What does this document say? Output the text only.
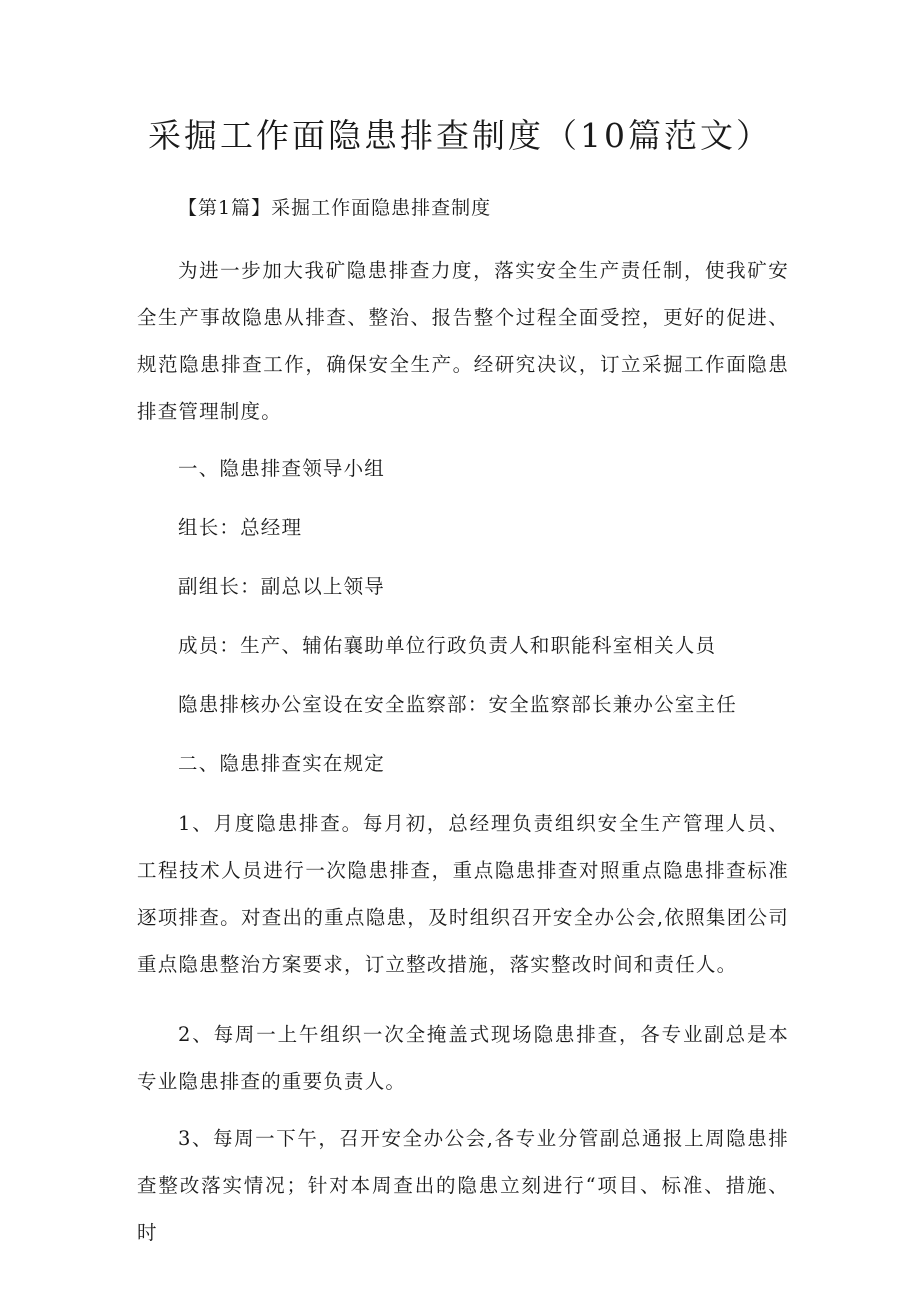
采掘工作面隐患排查制度（10篇范文）

【第1篇】采掘工作面隐患排查制度

为进一步加大我矿隐患排查力度，落实安全生产责任制，使我矿安全生产事故隐患从排查、整治、报告整个过程全面受控，更好的促进、规范隐患排查工作，确保安全生产。经研究决议，订立采掘工作面隐患排查管理制度。

一、隐患排查领导小组

组长：总经理

副组长：副总以上领导

成员：生产、辅佑襄助单位行政负责人和职能科室相关人员

隐患排核办公室设在安全监察部：安全监察部长兼办公室主任

二、隐患排查实在规定

1、月度隐患排查。每月初，总经理负责组织安全生产管理人员、工程技术人员进行一次隐患排查，重点隐患排查对照重点隐患排查标准逐项排查。对查出的重点隐患，及时组织召开安全办公会,依照集团公司重点隐患整治方案要求，订立整改措施，落实整改时间和责任人。

2、每周一上午组织一次全掩盖式现场隐患排查，各专业副总是本专业隐患排查的重要负责人。

3、每周一下午，召开安全办公会,各专业分管副总通报上周隐患排查整改落实情况；针对本周查出的隐患立刻进行“项目、标准、措施、时
